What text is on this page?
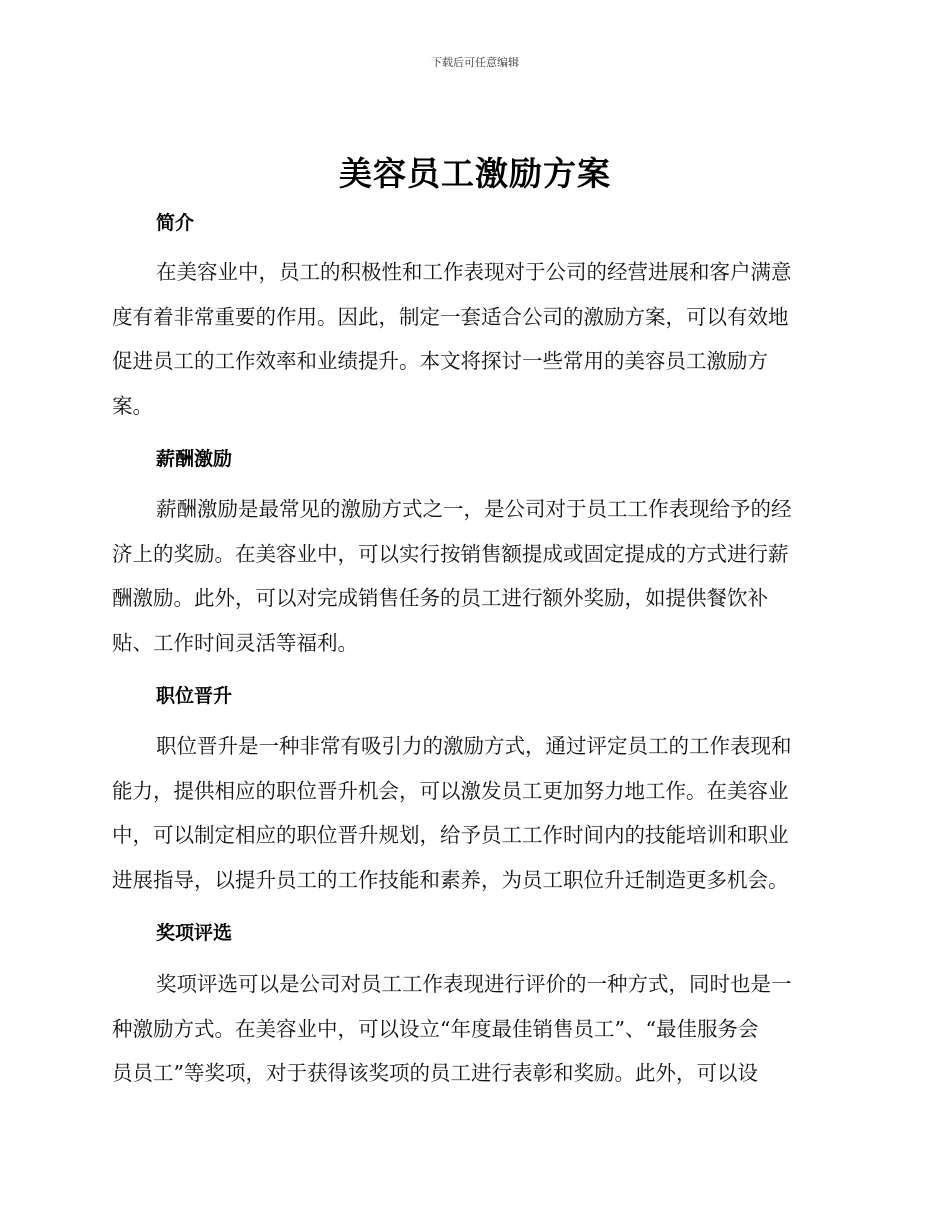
下载后可任意编辑
美容员工激励方案
简介
在美容业中，员工的积极性和工作表现对于公司的经营进展和客户满意
度有着非常重要的作用。因此，制定一套适合公司的激励方案，可以有效地
促进员工的工作效率和业绩提升。本文将探讨一些常用的美容员工激励方
案。
薪酬激励
薪酬激励是最常见的激励方式之一，是公司对于员工工作表现给予的经
济上的奖励。在美容业中，可以实行按销售额提成或固定提成的方式进行薪
酬激励。此外，可以对完成销售任务的员工进行额外奖励，如提供餐饮补
贴、工作时间灵活等福利。
职位晋升
职位晋升是一种非常有吸引力的激励方式，通过评定员工的工作表现和
能力，提供相应的职位晋升机会，可以激发员工更加努力地工作。在美容业
中，可以制定相应的职位晋升规划，给予员工工作时间内的技能培训和职业
进展指导，以提升员工的工作技能和素养，为员工职位升迁制造更多机会。
奖项评选
奖项评选可以是公司对员工工作表现进行评价的一种方式，同时也是一
种激励方式。在美容业中，可以设立“年度最佳销售员工”、“最佳服务会
员员工”等奖项，对于获得该奖项的员工进行表彰和奖励。此外，可以设
